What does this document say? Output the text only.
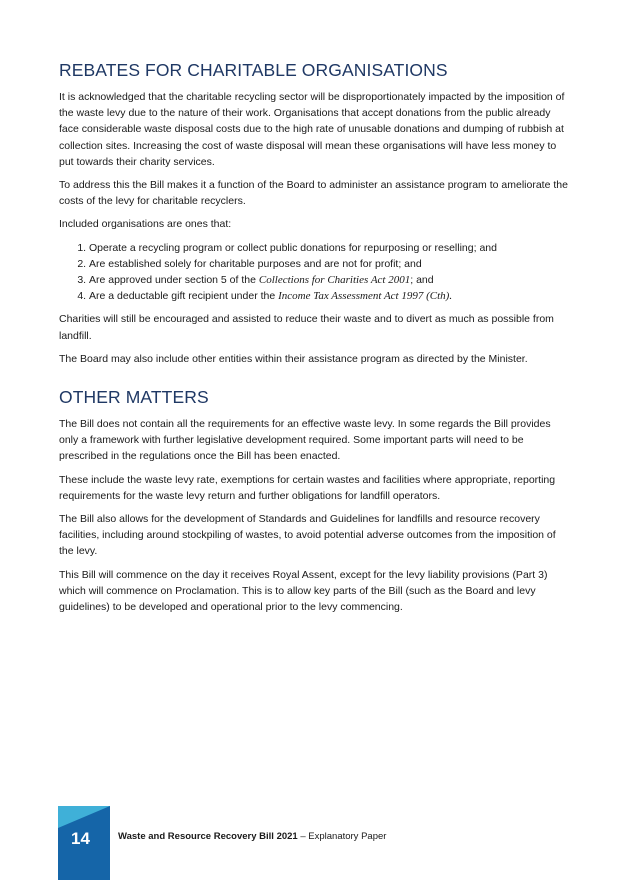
REBATES FOR CHARITABLE ORGANISATIONS

It is acknowledged that the charitable recycling sector will be disproportionately impacted by the imposition of the waste levy due to the nature of their work. Organisations that accept donations from the public already face considerable waste disposal costs due to the high rate of unusable donations and dumping of rubbish at collection sites. Increasing the cost of waste disposal will mean these organisations will have less money to put towards their charity services.

To address this the Bill makes it a function of the Board to administer an assistance program to ameliorate the costs of the levy for charitable recyclers.

Included organisations are ones that:

1. Operate a recycling program or collect public donations for repurposing or reselling; and
2. Are established solely for charitable purposes and are not for profit; and
3. Are approved under section 5 of the Collections for Charities Act 2001; and
4. Are a deductable gift recipient under the Income Tax Assessment Act 1997 (Cth).

Charities will still be encouraged and assisted to reduce their waste and to divert as much as possible from landfill.

The Board may also include other entities within their assistance program as directed by the Minister.

OTHER MATTERS

The Bill does not contain all the requirements for an effective waste levy. In some regards the Bill provides only a framework with further legislative development required. Some important parts will need to be prescribed in the regulations once the Bill has been enacted.

These include the waste levy rate, exemptions for certain wastes and facilities where appropriate, reporting requirements for the waste levy return and further obligations for landfill operators.

The Bill also allows for the development of Standards and Guidelines for landfills and resource recovery facilities, including around stockpiling of wastes, to avoid potential adverse outcomes from the imposition of the levy.

This Bill will commence on the day it receives Royal Assent, except for the levy liability provisions (Part 3) which will commence on Proclamation. This is to allow key parts of the Bill (such as the Board and levy guidelines) to be developed and operational prior to the levy commencing.

14	Waste and Resource Recovery Bill 2021 – Explanatory Paper
